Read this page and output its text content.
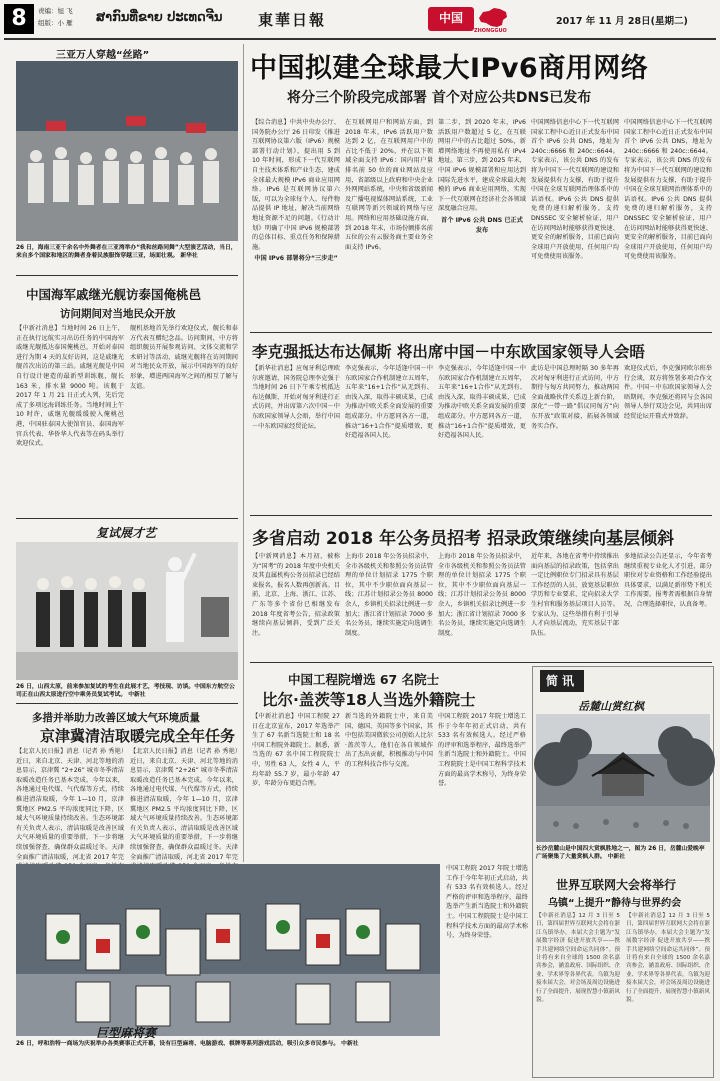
8	责编：旭 飞
组版：小 雁	ສາກົນທີ່ຂາຍ ປະເທດຈີນ 東華日報	中国
ZHONGGUO
2017 年 11 月 28日(星期二)
三亚万人穿越“丝路”
26 日，海南三亚千余名中外舞者在三亚湾举办“我和丝路同舞”大型演艺活动，当日，来自多个国家和地区的舞者身着民族服饰穿越三亚，场面壮观。 新华社
中国海军戚继光舰访泰国俺桃邑
访问期间对当地民众开放
【中新社消息】当地时间 26 日上午，正在执行远航实习出访任务的中国海军戚继光舰抵达泰国俺桃邑，开始对泰国进行为期 4 天的友好访问，这是戚继光舰首次出访的第三站。戚继光舰是中国自行设计建造的最新型训练舰，舰长 163 米，排水量 9000 吨。该舰于 2017 年 1 月 21 日正式入列，先后完成了多项远海训练任务。当地时间上午 10 时许，戚继光舰缓缓驶入俺桃邑港，中国驻泰国大使馆官员、泰国海军官兵代表、华侨华人代表等在码头举行欢迎仪式。
舰机基地首先举行欢迎仪式，舰长和泰方代表互赠纪念品。访问期间，中方将组织舰员开展参观访问、文体交流和学术研讨等活动，戚继光舰将在访问期间对当地民众开放，展示中国海军的良好形象，增进两国海军之间的相互了解与友谊。
复试展才艺
26 日，山西太原，前来参加复试的考生在此展才艺，考技现、访谈。中国东方航空公司正在山西太原进行空中乘务员复试考试。 中新社
多措并举助力改善区域大气环境质量
京津冀清洁取暖完成全年任务
【北京人民日报】消息（记者 孙 秀艳）近日，来自北京、天津、河北等地的消息显示，京津冀 “2+26” 城市冬季清洁取暖改造任务已基本完成。今年以来，各地通过电代煤、气代煤等方式，持续推进清洁取暖，今年 1—10 月，京津冀地区 PM2.5 平均浓度同比下降，区域大气环境质量持续改善。生态环境部有关负责人表示，清洁取暖是改善区域大气环境质量的重要举措，下一步将继续加强督查，确保群众温暖过冬。天津全面推广清洁取暖，河北省 2017 年完
【北京人民日报】消息（记者 孙 秀艳）近日，来自北京、天津、河北等地的消息显示，京津冀 “2+26” 城市冬季清洁取暖改造任务已基本完成。今年以来，各地通过电代煤、气代煤等方式，持续推进清洁取暖，今年 1—10 月，京津冀地区 PM2.5 平均浓度同比下降，区域大气环境质量持续改善。生态环境部有关负责人表示，清洁取暖是改善区域大气环境质量的重要举措，下一步将继续加强督查，确保群众温暖过冬。天津全面推广清洁取暖，河北省 2017 年完
巨型麻将赛
26 日，呼和浩特一商场为庆祝举办各类赛事正式开幕，设有巨型麻将、电脑游戏、棋牌等系列游戏活动，吸引众多市民参与。 中新社
中国拟建全球最大IPv6商用网络
将分三个阶段完成部署 首个对应公共DNS已发布
【综合消息】中共中央办公厅、国务院办公厅 26 日印发《推进互联网协议第六版（IPv6）规模部署行动计划》，提出用 5 到 10 年时间，形成下一代互联网自主技术体系和产业生态，建成全球最大规模 IPv6 商业应用网络。IPv6 是互联网协议第六版，可以为全球每个人、每件物品提供 IP 地址，解决当前网络地址资源不足的问题。《行动计划》明确了中国 IPv6 规模部署的总体目标、重点任务和保障措施。
中国 IPv6 部署将分“三步走”
在互联网用户和网站方面，到 2018 年末，IPv6 活跃用户数达到 2 亿，在互联网用户中的占比不低于 20%，并在以下领域全面支持 IPv6：国内用户量排名前 50 位的商业网站及应用，省部级以上政府和中央企业外网网站系统，中央和省级新闻及广播电视媒体网站系统，工业互联网等新兴领域的网络与应用。网络和应用基础设施方面，到 2018 年末，市场份额排名前五位的公有云服务商主要业务全面支持 IPv6。
第二步，到 2020 年末，IPv6 活跃用户数超过 5 亿，在互联网用户中的占比超过 50%，新增网络地址不再使用私有 IPv4 地址。第三步，到 2025 年末，中国 IPv6 规模部署和应用达到国际先进水平，建成全球最大规模的 IPv6 商业应用网络，实现下一代互联网在经济社会各领域深度融合应用。
首个 IPv6 公共 DNS 已正式发布
中国网络信息中心下一代互联网国家工程中心近日正式发布中国首个 IPv6 公共 DNS，地址为 240c::6666 和 240c::6644。专家表示，该公共 DNS 的发布将为中国下一代互联网的建设和发展提供有力支撑，有助于提升中国在全球互联网治理体系中的话语权。IPv6 公共 DNS 提供免费的递归解析服务，支持 DNSSEC 安全解析验证，用户在访问网站时能够获得更快速、更安全的解析服务，目前已面向全球用户开放使用，任何用户均可免费使用该服务。
中国网络信息中心下一代互联网国家工程中心近日正式发布中国首个 IPv6 公共 DNS，地址为 240c::6666 和 240c::6644。专家表示，该公共 DNS 的发布将为中国下一代互联网的建设和发展提供有力支撑，有助于提升中国在全球互联网治理体系中的话语权。IPv6 公共 DNS 提供免费的递归解析服务，支持 DNSSEC 安全解析验证，用户在访问网站时能够获得更快速、更安全的解析服务，目前已面向全球用户开放使用，任何用户均可免费使用该服务。
李克强抵达布达佩斯 将出席中国－中东欧国家领导人会晤
【新华社消息】应匈牙利总理欧尔班邀请，国务院总理李克强于当地时间 26 日下午乘专机抵达布达佩斯，开始对匈牙利进行正式访问，并出席第六次中国－中东欧国家领导人会晤，举行中国－中东欧国家经贸论坛。
李克强表示，今年适逢中国－中东欧国家合作机制建立五周年，五年来“16+1合作”从无到有、由浅入深，取得丰硕成果，已成为推动中欧关系全面发展的重要组成部分。中方愿同各方一道，推动“16+1合作”提质增效，更好造福各国人民。
李克强表示，今年适逢中国－中东欧国家合作机制建立五周年，五年来“16+1合作”从无到有、由浅入深，取得丰硕成果，已成为推动中欧关系全面发展的重要组成部分。中方愿同各方一道，推动“16+1合作”提质增效，更好造福各国人民。
此访是中国总理时隔 30 多年再次对匈牙利进行正式访问，中方期待与匈方共同努力，推动两国全面战略伙伴关系迈上新台阶，深化“一带一路”倡议同匈方“向东开放”政策对接，拓展各领域务实合作。
欢迎仪式后，李克强同欧尔班举行会谈，双方将签署多项合作文件。中国－中东欧国家领导人会晤期间，李克强还将同与会各国领导人举行双边会见，共同出席经贸论坛开幕式并致辞。
多省启动 2018 年公务员招考 招录政策继续向基层倾斜
【中新网消息】本月初，被称为“国考”的 2018 年度中央机关及其直属机构公务员招录已经结束报名，报名人数再创新高。目前，北京、上海、浙江、江苏、广东等多个省份已相继发布 2018 年度省考公告，招录政策继续向基层倾斜，受到广泛关注。
上海市 2018 年公务员招录中，全市各级机关和参照公务员法管理的单位计划招录 1775 个职位，其中不少职位面向基层一线；江苏计划招录公务员 8000 余人，乡镇机关招录比例进一步加大；浙江省计划招录 7000 多名公务员，继续实施定向选调生制度。
上海市 2018 年公务员招录中，全市各级机关和参照公务员法管理的单位计划招录 1775 个职位，其中不少职位面向基层一线；江苏计划招录公务员 8000 余人，乡镇机关招录比例进一步加大；浙江省计划招录 7000 多名公务员，继续实施定向选调生制度。
近年来，各地在省考中持续推出面向基层的招录政策，包括拿出一定比例职位专门招录具有基层工作经历的人员、放宽基层职位学历和专业要求、定向招录大学生村官和服务基层项目人员等。专家认为，这些举措有利于引导人才向基层流动，充实基层干部队伍。
多地招录公告还显示，今年省考继续重视专业化人才引进，部分职位对专业资格和工作经验提出具体要求，以满足新形势下机关工作需要。报考者需根据自身情况，合理选择职位，认真备考。
中国工程院增选 67 名院士
比尔·盖茨等18人当选外籍院士
【中新社消息】中国工程院 27 日在北京宣布，2017 年选举产生了 67 名新当选院士和 18 名中国工程院外籍院士。据悉，新当选的 67 名中国工程院院士中，男性 63 人，女性 4 人，平均年龄 55.7 岁，最小年龄 47 岁，年龄分布更趋合理。
新当选的外籍院士中，来自美国、德国、英国等多个国家，其中包括美国微软公司创始人比尔·盖茨等人，他们在各自领域作出了杰出贡献，积极推动与中国的工程科技合作与交流。
中国工程院 2017 年院士增选工作于今年年初正式启动，共有 533 名有效候选人。经过严格的评审和选举程序，最终选举产生新当选院士和外籍院士。中国工程院院士是中国工程科学技术方面的最高学术称号，为终身荣誉。
简讯
岳麓山赏红枫
长沙岳麓山是中国四大赏枫胜地之一，图为 26 日，岳麓山爱晚亭广场聚集了大量赏枫人群。 中新社
世界互联网大会将举行
乌镇“上提升”静待与世界约会
【中新社消息】12 月 3 日至 5 日，第四届世界互联网大会将在浙江乌镇举办，本届大会主题为“发展数字经济 促进开放共享——携手共建网络空间命运共同体”。预计将有来自全球的 1500 余名嘉宾参会，涵盖政府、国际组织、企业、学术界等各界代表。乌镇为迎接本届大会，对会场及周边设施进行了全面提升，展现智慧小镇新风貌。
【中新社消息】12 月 3 日至 5 日，第四届世界互联网大会将在浙江乌镇举办，本届大会主题为“发展数字经济 促进开放共享——携手共建网络空间命运共同体”。预计将有来自全球的 1500 余名嘉宾参会，涵盖政府、国际组织、企业、学术界等各界代表。乌镇为迎接本届大会，对会场及周边设施进行了全面提升，展现智慧小镇新风貌。
中国工程院 2017 年院士增选工作于今年年初正式启动，共有 533 名有效候选人。经过严格的评审和选举程序，最终选举产生新当选院士和外籍院士。中国工程院院士是中国工程科学技术方面的最高学术称号，为终身荣誉。
